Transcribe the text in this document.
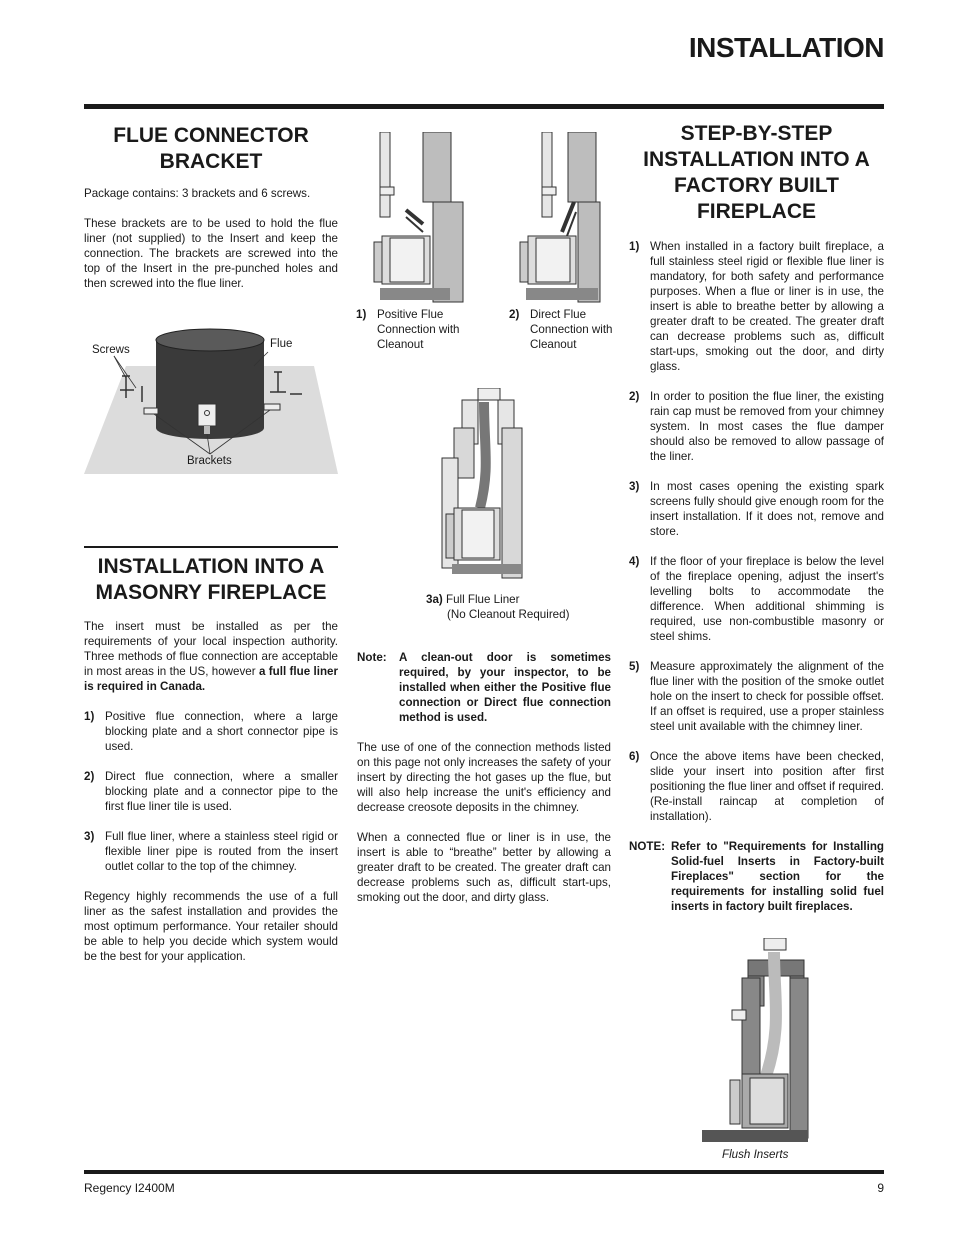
INSTALLATION
FLUE CONNECTOR BRACKET

Package contains: 3 brackets and 6 screws.

These brackets are to be used to hold the flue liner (not supplied) to the Insert and keep the connection. The brackets are screwed into the top of the Insert in the pre-punched holes and then screwed into the flue liner.

Screws	Flue
Brackets
INSTALLATION INTO A MASONRY FIREPLACE

The insert must be installed as per the requirements of your local inspection authority. Three methods of flue connection are acceptable in most areas in the US, however a full flue liner is required in Canada.

1) Positive flue connection, where a large blocking plate and a short connector pipe is used.
2) Direct flue connection, where a smaller blocking plate and a connector pipe to the first flue liner tile is used.
3) Full flue liner, where a stainless steel rigid or flexible liner pipe is routed from the insert outlet collar to the top of the chimney.

Regency highly recommends the use of a full liner as the safest installation and provides the most optimum performance. Your retailer should be able to help you decide which system would be the best for your application.

1) Positive Flue Connection with Cleanout
2) Direct Flue Connection with Cleanout
3a) Full Flue Liner
(No Cleanout Required)
Note:	A clean-out door is sometimes required, by your inspector, to be installed when either the Positive flue connection or Direct flue connection method is used.

The use of one of the connection methods listed on this page not only increases the safety of your insert by directing the hot gases up the flue, but will also help increase the unit's efficiency and decrease creosote deposits in the chimney.

When a connected flue or liner is in use, the insert is able to “breathe” better by allowing a greater draft to be created. The greater draft can decrease problems such as, difficult start-ups, smoking out the door, and dirty glass.

STEP-BY-STEP INSTALLATION INTO A FACTORY BUILT FIREPLACE
1) When installed in a factory built fireplace, a full stainless steel rigid or flexible flue liner is mandatory, for both safety and performance purposes. When a flue or liner is in use, the insert is able to breathe better by allowing a greater draft to be created. The greater draft can decrease problems such as, difficult start-ups, smoking out the door, and dirty glass.
2) In order to position the flue liner, the existing rain cap must be removed from your chimney system. In most cases the flue damper should also be removed to allow passage of the liner.
3) In most cases opening the existing spark screens fully should give enough room for the insert installation. If it does not, remove and store.
4) If the floor of your fireplace is below the level of the fireplace opening, adjust the insert's levelling bolts to accommodate the difference. When additional shimming is required, use non-combustible masonry or steel shims.
5) Measure approximately the alignment of the flue liner with the position of the smoke outlet hole on the insert to check for possible offset. If an offset is required, use a proper stainless steel unit available with the chimney liner.
6) Once the above items have been checked, slide your insert into position after first positioning the flue liner and offset if required. (Re-install raincap at completion of installation).
NOTE: Refer to "Requirements for Installing Solid-fuel Inserts in Factory-built Fireplaces" section for the requirements for installing solid fuel inserts in factory built fireplaces.
Flush Inserts
Regency I2400M	9
